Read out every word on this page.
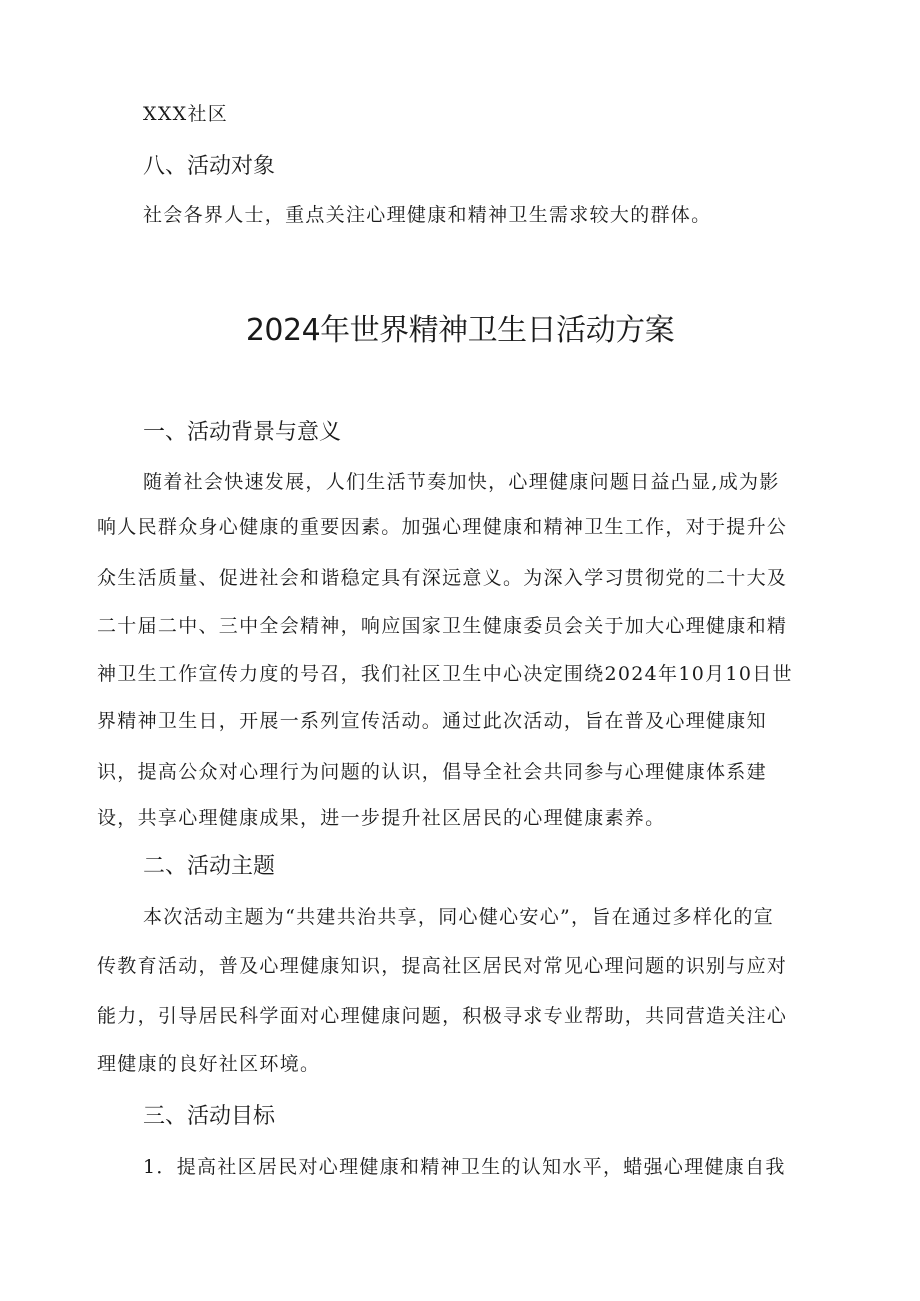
XXX社区
八、活动对象
社会各界人士，重点关注心理健康和精神卫生需求较大的群体。
2024年世界精神卫生日活动方案
一、活动背景与意义
随着社会快速发展，人们生活节奏加快，心理健康问题日益凸显,成为影
响人民群众身心健康的重要因素。加强心理健康和精神卫生工作，对于提升公
众生活质量、促进社会和谐稳定具有深远意义。为深入学习贯彻党的二十大及
二十届二中、三中全会精神，响应国家卫生健康委员会关于加大心理健康和精
神卫生工作宣传力度的号召，我们社区卫生中心决定围绕2024年10月10日世
界精神卫生日，开展一系列宣传活动。通过此次活动，旨在普及心理健康知
识，提高公众对心理行为问题的认识，倡导全社会共同参与心理健康体系建
设，共享心理健康成果，进一步提升社区居民的心理健康素养。
二、活动主题
本次活动主题为“共建共治共享，同心健心安心”，旨在通过多样化的宣
传教育活动，普及心理健康知识，提高社区居民对常见心理问题的识别与应对
能力，引导居民科学面对心理健康问题，积极寻求专业帮助，共同营造关注心
理健康的良好社区环境。
三、活动目标
1．提高社区居民对心理健康和精神卫生的认知水平，蜡强心理健康自我
